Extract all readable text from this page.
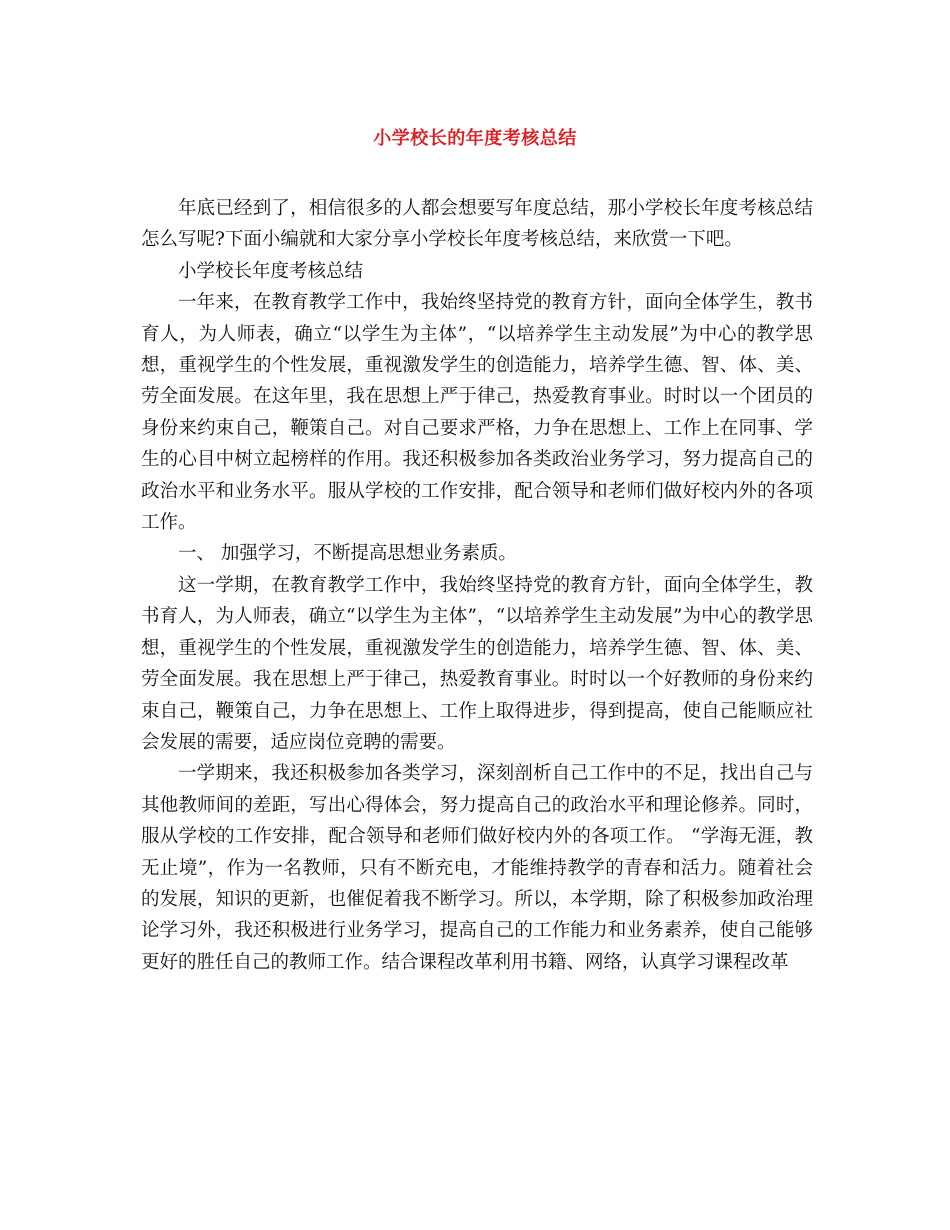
小学校长的年度考核总结

年底已经到了，相信很多的人都会想要写年度总结，那小学校长年度考核总结怎么写呢?下面小编就和大家分享小学校长年度考核总结，来欣赏一下吧。

小学校长年度考核总结

一年来，在教育教学工作中，我始终坚持党的教育方针，面向全体学生，教书育人，为人师表，确立“以学生为主体”，“以培养学生主动发展”为中心的教学思想，重视学生的个性发展，重视激发学生的创造能力，培养学生德、智、体、美、劳全面发展。在这年里，我在思想上严于律己，热爱教育事业。时时以一个团员的身份来约束自己，鞭策自己。对自己要求严格，力争在思想上、工作上在同事、学生的心目中树立起榜样的作用。我还积极参加各类政治业务学习，努力提高自己的政治水平和业务水平。服从学校的工作安排，配合领导和老师们做好校内外的各项工作。

一、 加强学习，不断提高思想业务素质。

这一学期，在教育教学工作中，我始终坚持党的教育方针，面向全体学生，教书育人，为人师表，确立“以学生为主体”，“以培养学生主动发展”为中心的教学思想，重视学生的个性发展，重视激发学生的创造能力，培养学生德、智、体、美、劳全面发展。我在思想上严于律己，热爱教育事业。时时以一个好教师的身份来约束自己，鞭策自己，力争在思想上、工作上取得进步，得到提高，使自己能顺应社会发展的需要，适应岗位竞聘的需要。

一学期来，我还积极参加各类学习，深刻剖析自己工作中的不足，找出自己与其他教师间的差距，写出心得体会，努力提高自己的政治水平和理论修养。同时，服从学校的工作安排，配合领导和老师们做好校内外的各项工作。 “学海无涯，教无止境”，作为一名教师，只有不断充电，才能维持教学的青春和活力。随着社会的发展，知识的更新，也催促着我不断学习。所以，本学期，除了积极参加政治理论学习外，我还积极进行业务学习，提高自己的工作能力和业务素养，使自己能够更好的胜任自己的教师工作。结合课程改革利用书籍、网络，认真学习课程改革
